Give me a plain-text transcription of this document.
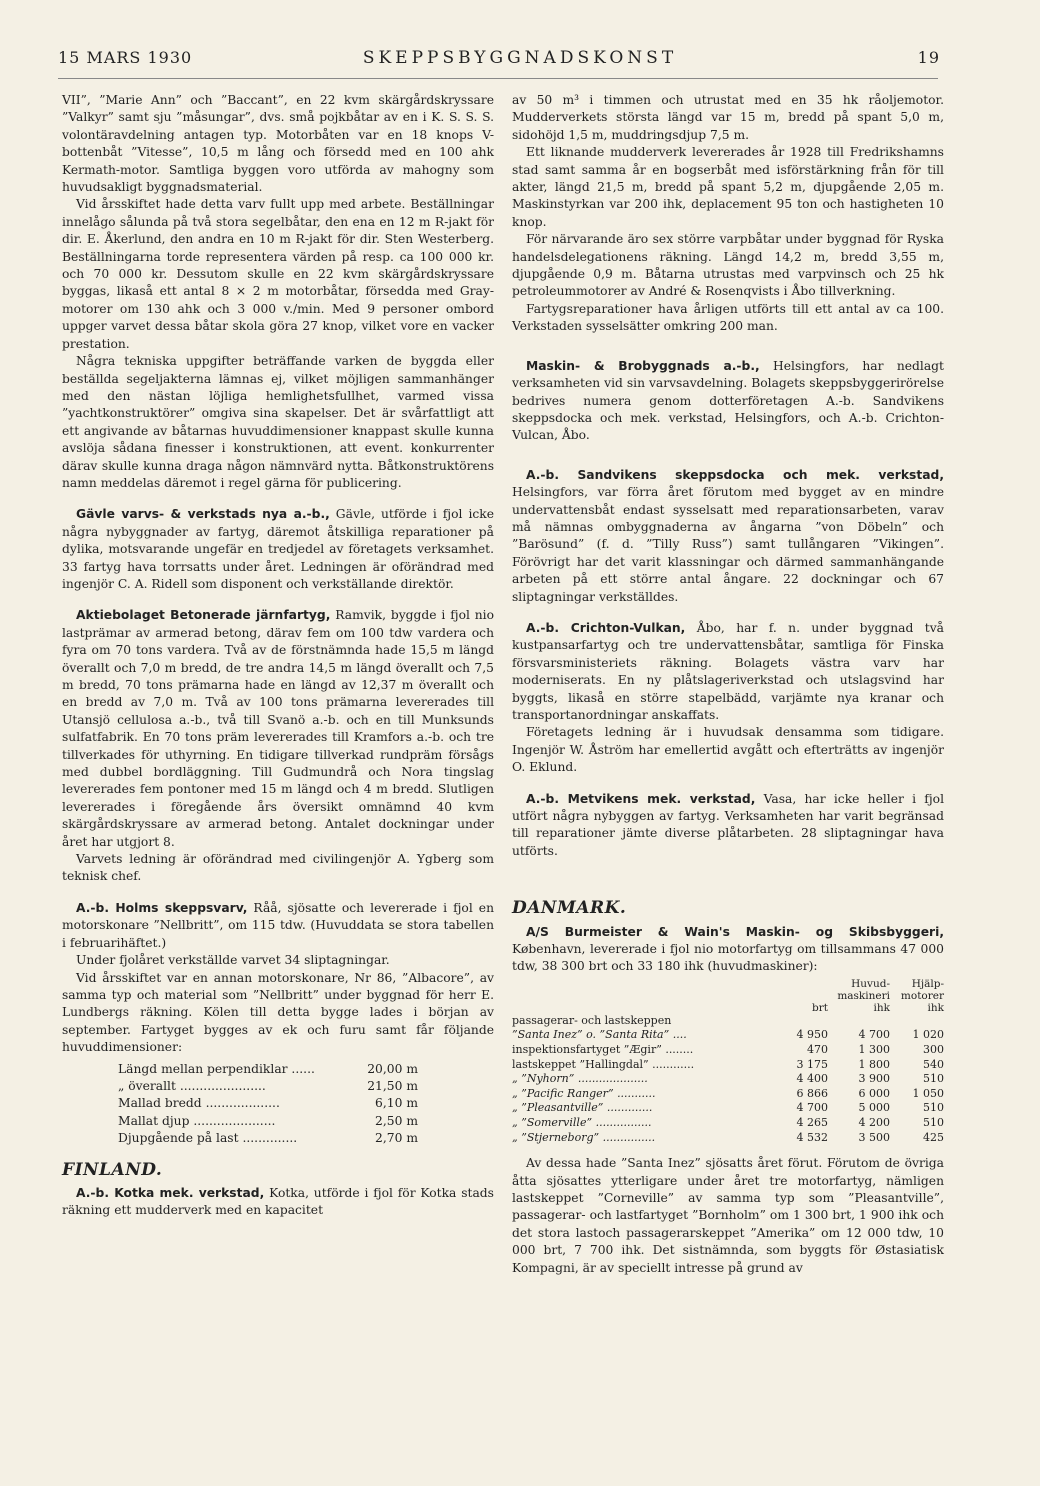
15 MARS 1930	SKEPPSBYGGNADSKONST	19

VII”, ”Marie Ann” och ”Baccant”, en 22 kvm skärgårdskryssare ”Valkyr” samt sju ”måsungar”, dvs. små pojkbåtar av en i K. S. S. S. volontäravdelning antagen typ. Motorbåten var en 18 knops V-bottenbåt ”Vitesse”, 10,5 m lång och försedd med en 100 ahk Kermath-motor. Samtliga byggen voro utförda av mahogny som huvudsakligt byggnadsmaterial.

Vid årsskiftet hade detta varv fullt upp med arbete. Beställningar innelågo sålunda på två stora segelbåtar, den ena en 12 m R-jakt för dir. E. Åkerlund, den andra en 10 m R-jakt för dir. Sten Westerberg. Beställningarna torde representera värden på resp. ca 100 000 kr. och 70 000 kr. Dessutom skulle en 22 kvm skärgårdskryssare byggas, likaså ett antal 8 × 2 m motorbåtar, försedda med Gray-motorer om 130 ahk och 3 000 v./min. Med 9 personer ombord uppger varvet dessa båtar skola göra 27 knop, vilket vore en vacker prestation.

Några tekniska uppgifter beträffande varken de byggda eller beställda segeljakterna lämnas ej, vilket möjligen sammanhänger med den nästan löjliga hemlighetsfullhet, varmed vissa ”yachtkonstruktörer” omgiva sina skapelser. Det är svårfattligt att ett angivande av båtarnas huvuddimensioner knappast skulle kunna avslöja sådana finesser i konstruktionen, att event. konkurrenter därav skulle kunna draga någon nämnvärd nytta. Båtkonstruktörens namn meddelas däremot i regel gärna för publicering.

Gävle varvs- & verkstads nya a.-b., Gävle, utförde i fjol icke några nybyggnader av fartyg, däremot åtskilliga reparationer på dylika, motsvarande ungefär en tredjedel av företagets verksamhet. 33 fartyg hava torrsatts under året. Ledningen är oförändrad med ingenjör C. A. Ridell som disponent och verkställande direktör.

Aktiebolaget Betonerade järnfartyg, Ramvik, byggde i fjol nio lastprämar av armerad betong, därav fem om 100 tdw vardera och fyra om 70 tons vardera. Två av de förstnämnda hade 15,5 m längd överallt och 7,0 m bredd, de tre andra 14,5 m längd överallt och 7,5 m bredd, 70 tons prämarna hade en längd av 12,37 m överallt och en bredd av 7,0 m. Två av 100 tons prämarna levererades till Utansjö cellulosa a.-b., två till Svanö a.-b. och en till Munksunds sulfatfabrik. En 70 tons präm levererades till Kramfors a.-b. och tre tillverkades för uthyrning. En tidigare tillverkad rundpräm försågs med dubbel bordläggning. Till Gudmundrå och Nora tingslag levererades fem pontoner med 15 m längd och 4 m bredd. Slutligen levererades i föregående års översikt omnämnd 40 kvm skärgårdskryssare av armerad betong. Antalet dockningar under året har utgjort 8.

Varvets ledning är oförändrad med civilingenjör A. Ygberg som teknisk chef.

A.-b. Holms skeppsvarv, Råå, sjösatte och levererade i fjol en motorskonare ”Nellbritt”, om 115 tdw. (Huvuddata se stora tabellen i februarihäftet.)

Under fjolåret verkställde varvet 34 sliptagningar.

Vid årsskiftet var en annan motorskonare, Nr 86, ”Albacore”, av samma typ och material som ”Nellbritt” under byggnad för herr E. Lundbergs räkning. Kölen till detta bygge lades i början av september. Fartyget bygges av ek och furu samt får följande huvuddimensioner:

Längd mellan perpendiklar ......	20,00 m
„ överallt ......................	21,50 m
Mallad bredd ...................	6,10 m
Mallat djup .....................	2,50 m
Djupgående på last ..............	2,70 m
FINLAND.

A.-b. Kotka mek. verkstad, Kotka, utförde i fjol för Kotka stads räkning ett mudderverk med en kapacitet

av 50 m³ i timmen och utrustat med en 35 hk råoljemotor. Mudderverkets största längd var 15 m, bredd på spant 5,0 m, sidohöjd 1,5 m, muddringsdjup 7,5 m.

Ett liknande mudderverk levererades år 1928 till Fredrikshamns stad samt samma år en bogserbåt med isförstärkning från för till akter, längd 21,5 m, bredd på spant 5,2 m, djupgående 2,05 m. Maskinstyrkan var 200 ihk, deplacement 95 ton och hastigheten 10 knop.

För närvarande äro sex större varpbåtar under byggnad för Ryska handelsdelegationens räkning. Längd 14,2 m, bredd 3,55 m, djupgående 0,9 m. Båtarna utrustas med varpvinsch och 25 hk petroleummotorer av André & Rosenqvists i Åbo tillverkning.

Fartygsreparationer hava årligen utförts till ett antal av ca 100. Verkstaden sysselsätter omkring 200 man.

Maskin- & Brobyggnads a.-b., Helsingfors, har nedlagt verksamheten vid sin varvsavdelning. Bolagets skeppsbyggerirörelse bedrives numera genom dotterföretagen A.-b. Sandvikens skeppsdocka och mek. verkstad, Helsingfors, och A.-b. Crichton-Vulcan, Åbo.

A.-b. Sandvikens skeppsdocka och mek. verkstad, Helsingfors, var förra året förutom med bygget av en mindre undervattensbåt endast sysselsatt med reparationsarbeten, varav må nämnas ombyggnaderna av ångarna ”von Döbeln” och ”Barösund” (f. d. ”Tilly Russ”) samt tullångaren ”Vikingen”. Förövrigt har det varit klassningar och därmed sammanhängande arbeten på ett större antal ångare. 22 dockningar och 67 sliptagningar verkställdes.

A.-b. Crichton-Vulkan, Åbo, har f. n. under byggnad två kustpansarfartyg och tre undervattensbåtar, samtliga för Finska försvarsministeriets räkning. Bolagets västra varv har moderniserats. En ny plåtslageriverkstad och utslagsvind har byggts, likaså en större stapelbädd, varjämte nya kranar och transportanordningar anskaffats.

Företagets ledning är i huvudsak densamma som tidigare. Ingenjör W. Åström har emellertid avgått och efterträtts av ingenjör O. Eklund.

A.-b. Metvikens mek. verkstad, Vasa, har icke heller i fjol utfört några nybyggen av fartyg. Verksamheten har varit begränsad till reparationer jämte diverse plåtarbeten. 28 sliptagningar hava utförts.

DANMARK.

A/S Burmeister & Wain's Maskin- og Skibsbyggeri, København, levererade i fjol nio motorfartyg om tillsammans 47 000 tdw, 38 300 brt och 33 180 ihk (huvudmaskiner):

	brt	Huvud- maskineri ihk	Hjälp- motorer ihk
passagerar- och lastskeppen			
”Santa Inez” o. ”Santa Rita” ....	4 950	4 700	1 020
inspektionsfartyget ”Ægir” ........	470	1 300	300
lastskeppet ”Hallingdal” ............	3 175	1 800	540
„ ”Nyhorn” ....................	4 400	3 900	510
„ ”Pacific Ranger” ...........	6 866	6 000	1 050
„ ”Pleasantville” .............	4 700	5 000	510
„ ”Somerville” ................	4 265	4 200	510
„ ”Stjerneborg” ...............	4 532	3 500	425

Av dessa hade ”Santa Inez” sjösatts året förut. Förutom de övriga åtta sjösattes ytterligare under året tre motorfartyg, nämligen lastskeppet ”Corneville” av samma typ som ”Pleasantville”, passagerar- och lastfartyget ”Bornholm” om 1 300 brt, 1 900 ihk och det stora lastoch passagerarskeppet ”Amerika” om 12 000 tdw, 10 000 brt, 7 700 ihk. Det sistnämnda, som byggts för Østasiatisk Kompagni, är av speciellt intresse på grund av
